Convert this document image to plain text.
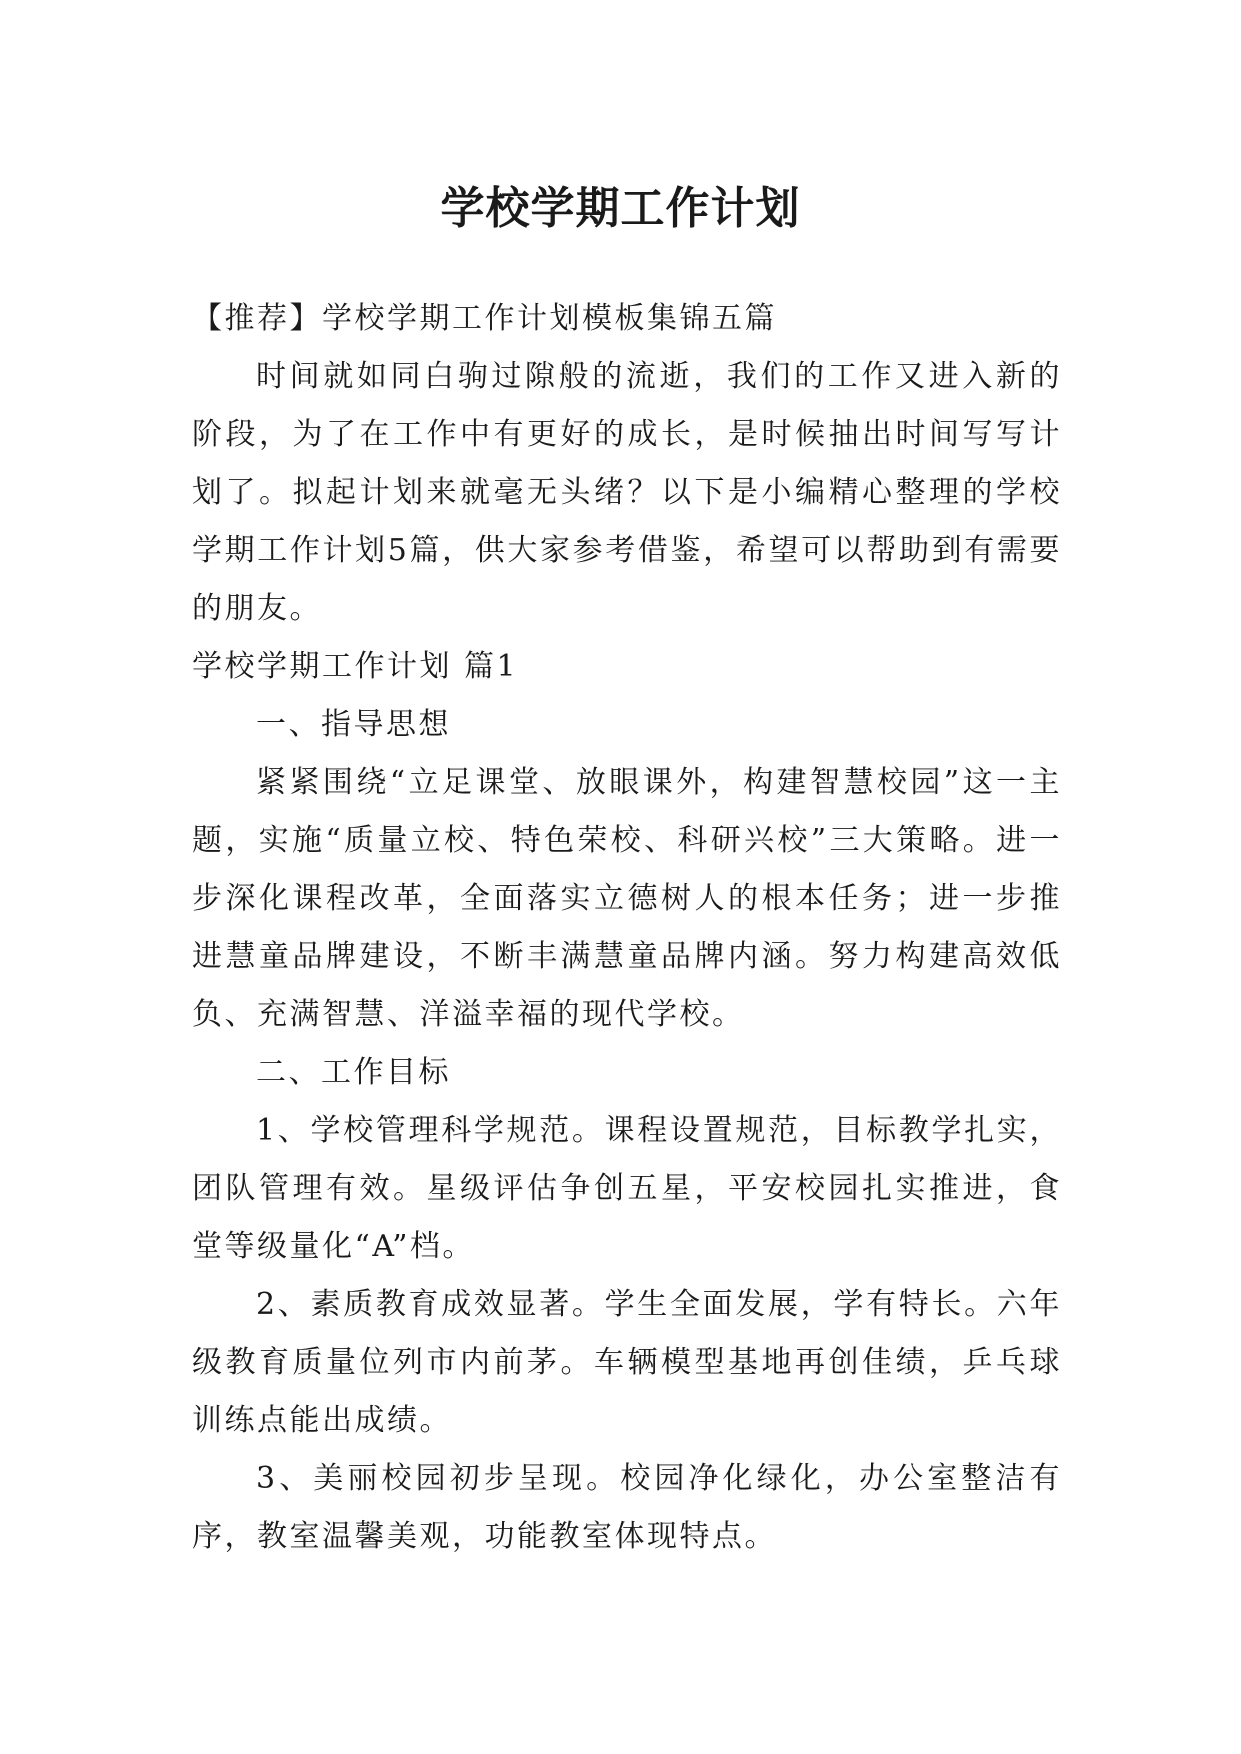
学校学期工作计划

【推荐】学校学期工作计划模板集锦五篇

时间就如同白驹过隙般的流逝，我们的工作又进入新的阶段，为了在工作中有更好的成长，是时候抽出时间写写计划了。拟起计划来就毫无头绪？以下是小编精心整理的学校学期工作计划5篇，供大家参考借鉴，希望可以帮助到有需要的朋友。

学校学期工作计划 篇1

一、指导思想

紧紧围绕“立足课堂、放眼课外，构建智慧校园”这一主题，实施“质量立校、特色荣校、科研兴校”三大策略。进一步深化课程改革，全面落实立德树人的根本任务；进一步推进慧童品牌建设，不断丰满慧童品牌内涵。努力构建高效低负、充满智慧、洋溢幸福的现代学校。

二、工作目标

1、学校管理科学规范。课程设置规范，目标教学扎实，团队管理有效。星级评估争创五星，平安校园扎实推进，食堂等级量化“A”档。

2、素质教育成效显著。学生全面发展，学有特长。六年级教育质量位列市内前茅。车辆模型基地再创佳绩，乒乓球训练点能出成绩。

3、美丽校园初步呈现。校园净化绿化，办公室整洁有序，教室温馨美观，功能教室体现特点。
